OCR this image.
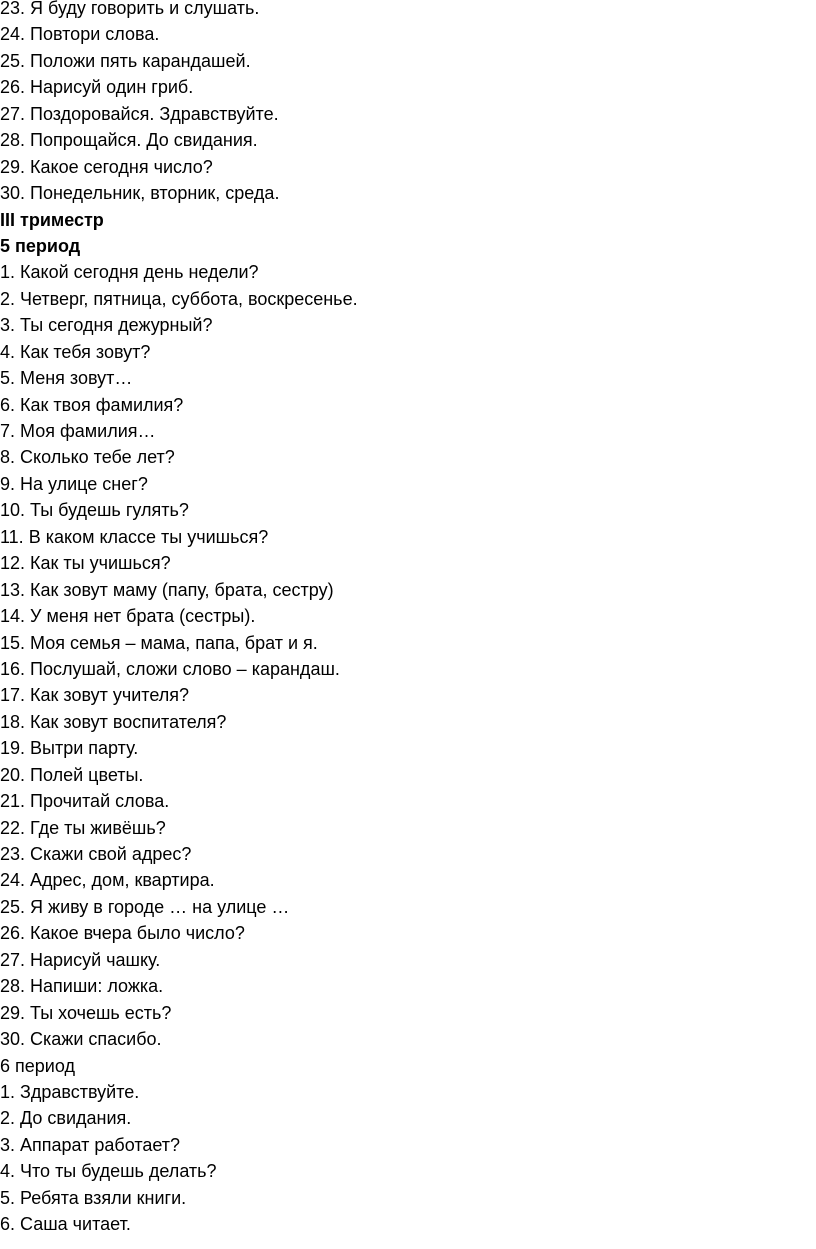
23. Я буду говорить и слушать.
24. Повтори слова.
25. Положи пять карандашей.
26. Нарисуй один гриб.
27. Поздоровайся. Здравствуйте.
28. Попрощайся. До свидания.
29. Какое сегодня число?
30. Понедельник, вторник, среда.
III триместр
5 период
1. Какой сегодня день недели?
2. Четверг, пятница, суббота, воскресенье.
3. Ты сегодня дежурный?
4. Как тебя зовут?
5. Меня зовут…
6. Как твоя фамилия?
7. Моя фамилия…
8. Сколько тебе лет?
9. На улице снег?
10. Ты будешь гулять?
11. В каком классе ты учишься?
12. Как ты учишься?
13. Как зовут маму (папу, брата, сестру)
14. У меня нет брата (сестры).
15. Моя семья – мама, папа, брат и я.
16. Послушай, сложи слово – карандаш.
17. Как зовут учителя?
18. Как зовут воспитателя?
19. Вытри парту.
20. Полей цветы.
21. Прочитай слова.
22. Где ты живёшь?
23. Скажи свой адрес?
24. Адрес, дом, квартира.
25. Я живу в городе … на улице …
26. Какое вчера было число?
27. Нарисуй чашку.
28. Напиши: ложка.
29. Ты хочешь есть?
30. Скажи спасибо.
6 период
1. Здравствуйте.
2. До свидания.
3. Аппарат работает?
4. Что ты будешь делать?
5. Ребята взяли книги.
6. Саша читает.
